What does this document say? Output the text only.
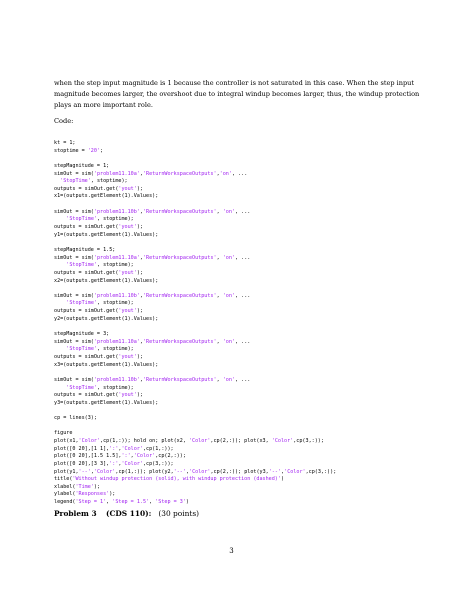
when the step input magnitude is 1 because the controller is not saturated in this case. When the step input
magnitude becomes larger, the overshoot due to integral windup becomes larger, thus, the windup protection
plays an more important role.
Code:
kt = 1;
stoptime = '20';
stepMagnitude = 1;
simOut = sim('problem11.10a','ReturnWorkspaceOutputs','on', ...
'StopTime', stoptime);
outputs = simOut.get('yout');
x1=(outputs.getElement(1).Values);
simOut = sim('problem11.10b','ReturnWorkspaceOutputs', 'on', ...
'StopTime', stoptime);
outputs = simOut.get('yout');
y1=(outputs.getElement(1).Values);
stepMagnitude = 1.5;
simOut = sim('problem11.10a','ReturnWorkspaceOutputs', 'on', ...
'StopTime', stoptime);
outputs = simOut.get('yout');
x2=(outputs.getElement(1).Values);
simOut = sim('problem11.10b','ReturnWorkspaceOutputs', 'on', ...
'StopTime', stoptime);
outputs = simOut.get('yout');
y2=(outputs.getElement(1).Values);
stepMagnitude = 3;
simOut = sim('problem11.10a','ReturnWorkspaceOutputs', 'on', ...
'StopTime', stoptime);
outputs = simOut.get('yout');
x3=(outputs.getElement(1).Values);
simOut = sim('problem11.10b','ReturnWorkspaceOutputs', 'on', ...
'StopTime', stoptime);
outputs = simOut.get('yout');
y3=(outputs.getElement(1).Values);
cp = lines(3);
figure
plot(x1,'Color',cp(1,:)); hold on; plot(x2, 'Color',cp(2,:)); plot(x3, 'Color',cp(3,:));
plot([0 20],[1 1],':','Color',cp(1,:));
plot([0 20],[1.5 1.5],':','Color',cp(2,:));
plot([0 20],[3 3],':','Color',cp(3,:));
plot(y1,'--','Color',cp(1,:)); plot(y2,'--','Color',cp(2,:)); plot(y3,'--','Color',cp(3,:));
title('Without windup protection (solid), with windup protection (dashed)')
xlabel('Time');
ylabel('Responses');
legend('Step = 1', 'Step = 1.5', 'Step = 3')
Problem 3 (CDS 110): (30 points)
3
